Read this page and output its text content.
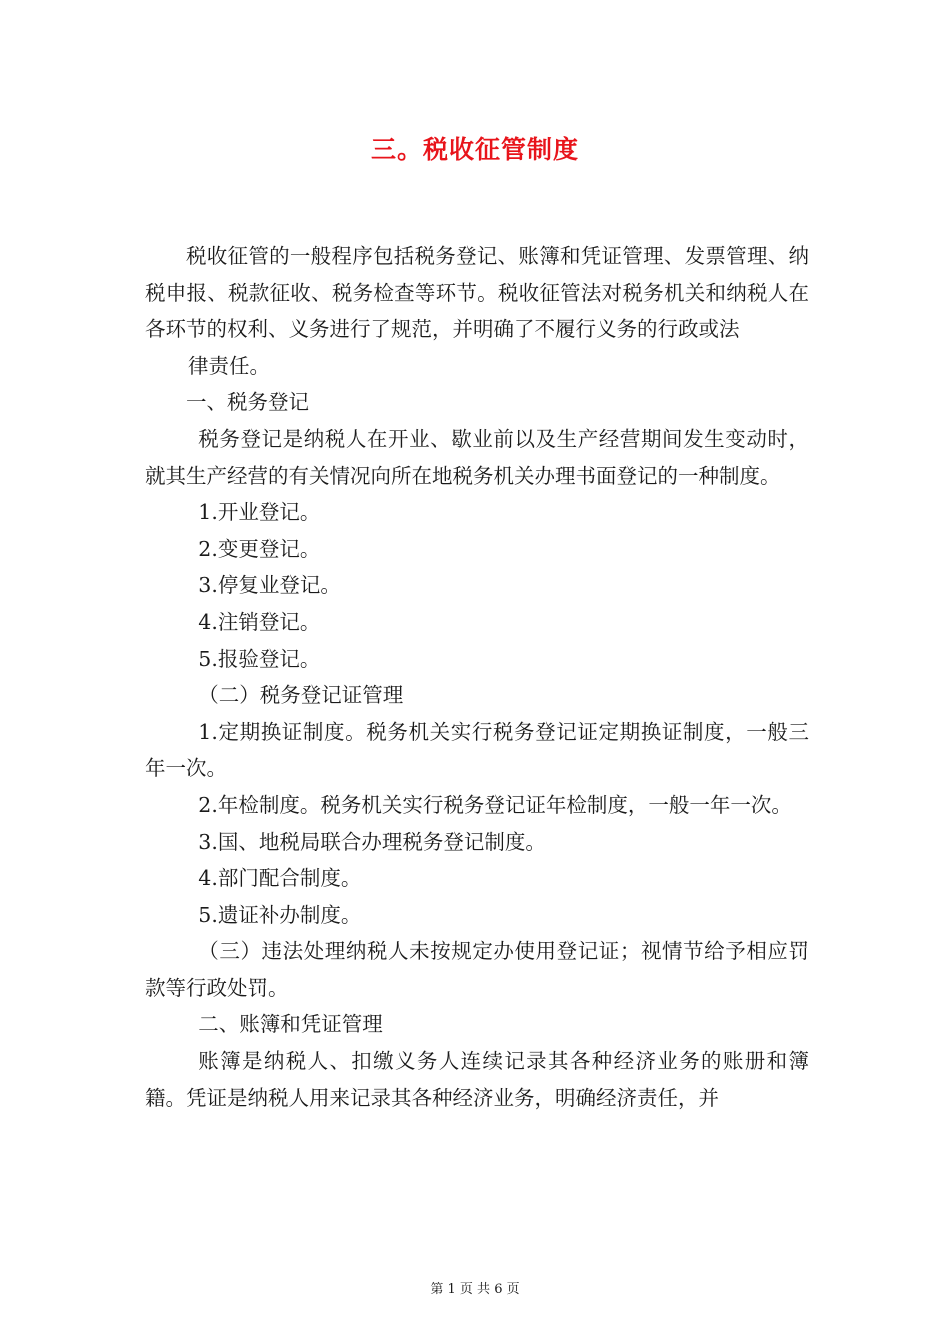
三。税收征管制度

税收征管的一般程序包括税务登记、账簿和凭证管理、发票管理、纳税申报、税款征收、税务检查等环节。税收征管法对税务机关和纳税人在各环节的权利、义务进行了规范，并明确了不履行义务的行政或法

律责任。

一、税务登记

税务登记是纳税人在开业、歇业前以及生产经营期间发生变动时，就其生产经营的有关情况向所在地税务机关办理书面登记的一种制度。

1.开业登记。

2.变更登记。

3.停复业登记。

4.注销登记。

5.报验登记。

（二）税务登记证管理

1.定期换证制度。税务机关实行税务登记证定期换证制度，一般三年一次。

2.年检制度。税务机关实行税务登记证年检制度，一般一年一次。

3.国、地税局联合办理税务登记制度。

4.部门配合制度。

5.遗证补办制度。

（三）违法处理纳税人未按规定办使用登记证；视情节给予相应罚款等行政处罚。

二、账簿和凭证管理

账簿是纳税人、扣缴义务人连续记录其各种经济业务的账册和簿籍。凭证是纳税人用来记录其各种经济业务，明确经济责任，并

第 1 页 共 6 页
